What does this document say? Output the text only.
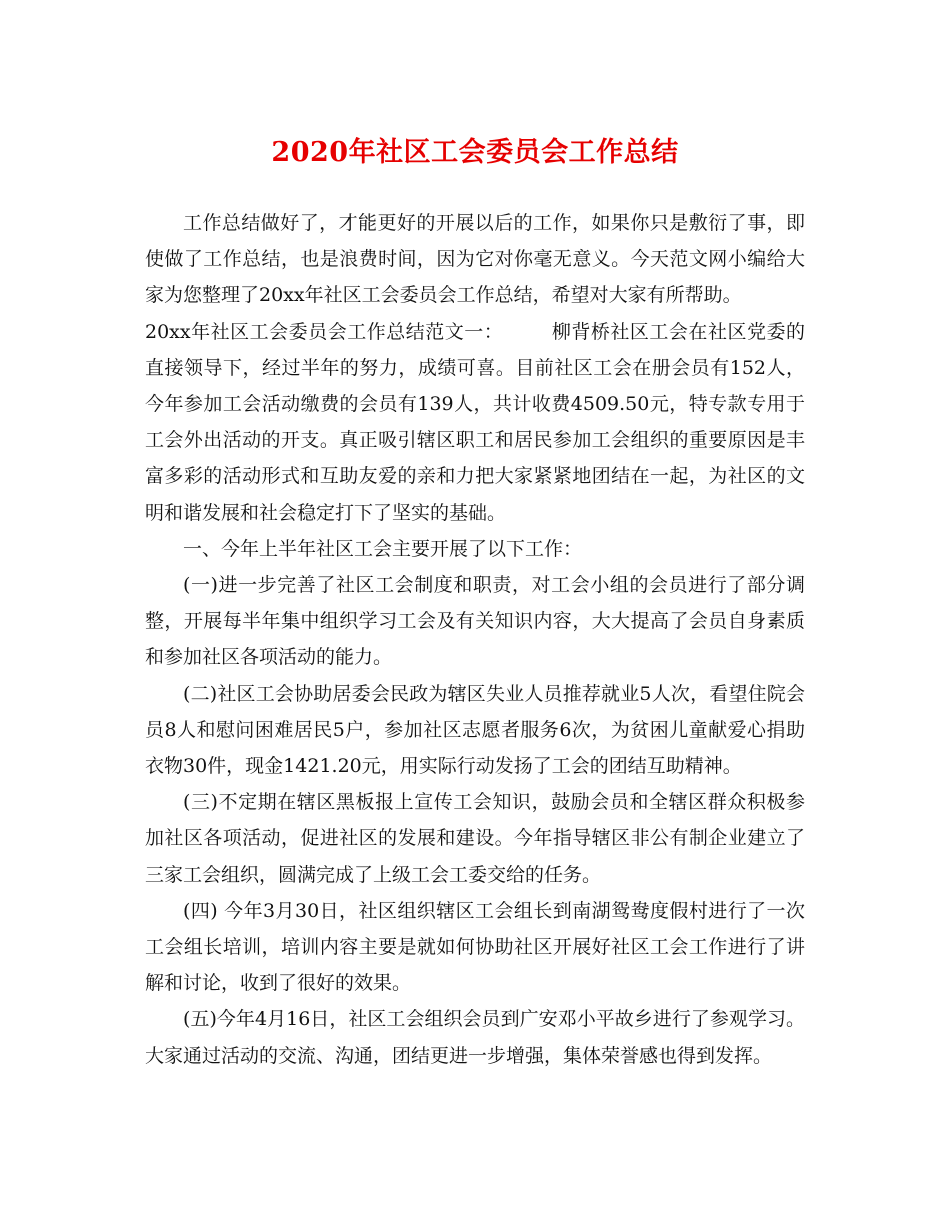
2020年社区工会委员会工作总结

工作总结做好了，才能更好的开展以后的工作，如果你只是敷衍了事，即使做了工作总结，也是浪费时间，因为它对你毫无意义。今天范文网小编给大家为您整理了20xx年社区工会委员会工作总结，希望对大家有所帮助。

20xx年社区工会委员会工作总结范文一：	柳背桥社区工会在社区党委的直接领导下，经过半年的努力，成绩可喜。目前社区工会在册会员有152人，今年参加工会活动缴费的会员有139人，共计收费4509.50元，特专款专用于工会外出活动的开支。真正吸引辖区职工和居民参加工会组织的重要原因是丰富多彩的活动形式和互助友爱的亲和力把大家紧紧地团结在一起，为社区的文明和谐发展和社会稳定打下了坚实的基础。

一、今年上半年社区工会主要开展了以下工作：

(一)进一步完善了社区工会制度和职责，对工会小组的会员进行了部分调整，开展每半年集中组织学习工会及有关知识内容，大大提高了会员自身素质和参加社区各项活动的能力。

(二)社区工会协助居委会民政为辖区失业人员推荐就业5人次，看望住院会员8人和慰问困难居民5户，参加社区志愿者服务6次，为贫困儿童献爱心捐助衣物30件，现金1421.20元，用实际行动发扬了工会的团结互助精神。

(三)不定期在辖区黑板报上宣传工会知识，鼓励会员和全辖区群众积极参加社区各项活动，促进社区的发展和建设。今年指导辖区非公有制企业建立了三家工会组织，圆满完成了上级工会工委交给的任务。

(四) 今年3月30日，社区组织辖区工会组长到南湖鸳鸯度假村进行了一次工会组长培训，培训内容主要是就如何协助社区开展好社区工会工作进行了讲解和讨论，收到了很好的效果。

(五)今年4月16日，社区工会组织会员到广安邓小平故乡进行了参观学习。大家通过活动的交流、沟通，团结更进一步增强，集体荣誉感也得到发挥。
